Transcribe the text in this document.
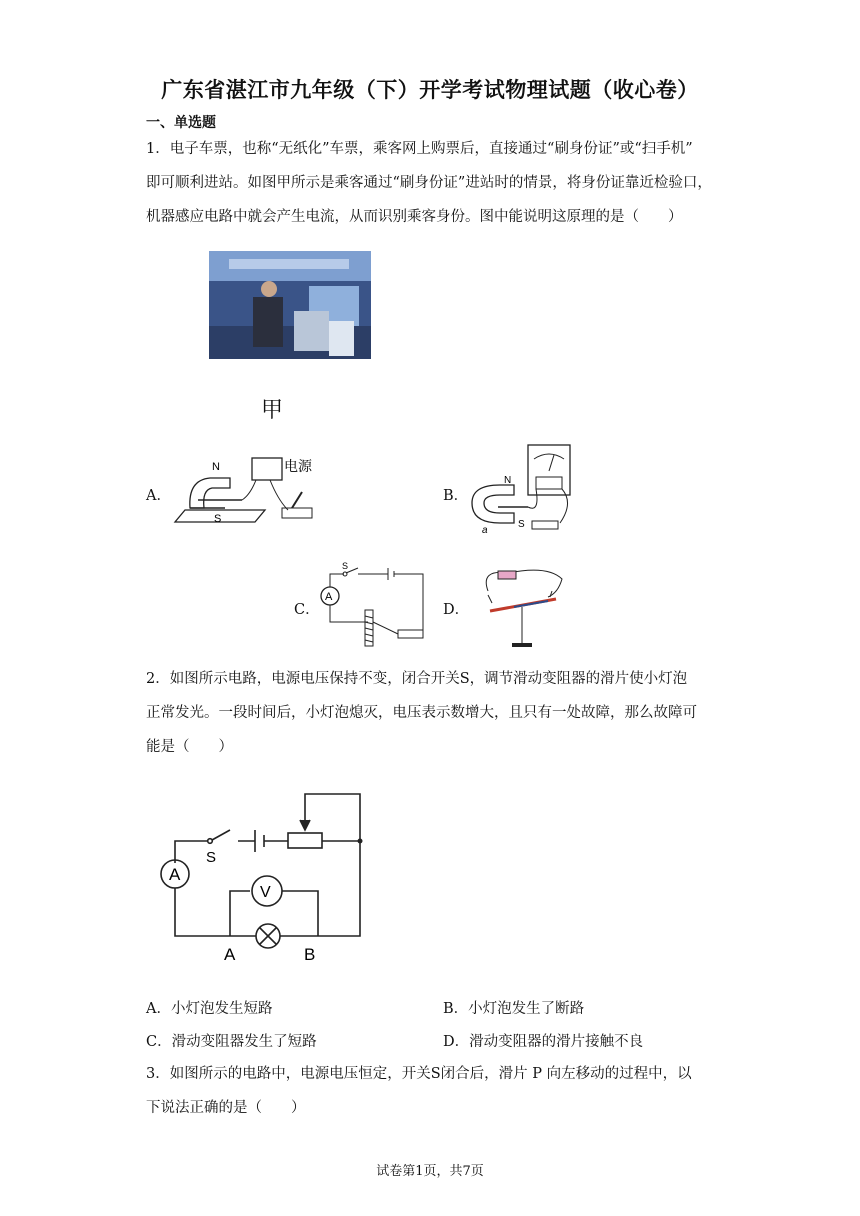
广东省湛江市九年级（下）开学考试物理试题（收心卷）
一、单选题
1．电子车票，也称“无纸化”车票，乘客网上购票后，直接通过“刷身份证”或“扫手机”
即可顺利进站。如图甲所示是乘客通过“刷身份证”进站时的情景，将身份证靠近检验口，
机器感应电路中就会产生电流，从而识别乘客身份。图中能说明这原理的是（　　）
甲
A．
N
S
电源
B．
N
S
a
C．
A
S
D．
2．如图所示电路，电源电压保持不变，闭合开关S，调节滑动变阻器的滑片使小灯泡
正常发光。一段时间后，小灯泡熄灭，电压表示数增大，且只有一处故障，那么故障可
能是（　　）
A
V
S
A	B
A．小灯泡发生短路	B．小灯泡发生了断路
C．滑动变阻器发生了短路	D．滑动变阻器的滑片接触不良
3．如图所示的电路中，电源电压恒定，开关S闭合后，滑片 P 向左移动的过程中，以
下说法正确的是（　　）
试卷第1页，共7页
